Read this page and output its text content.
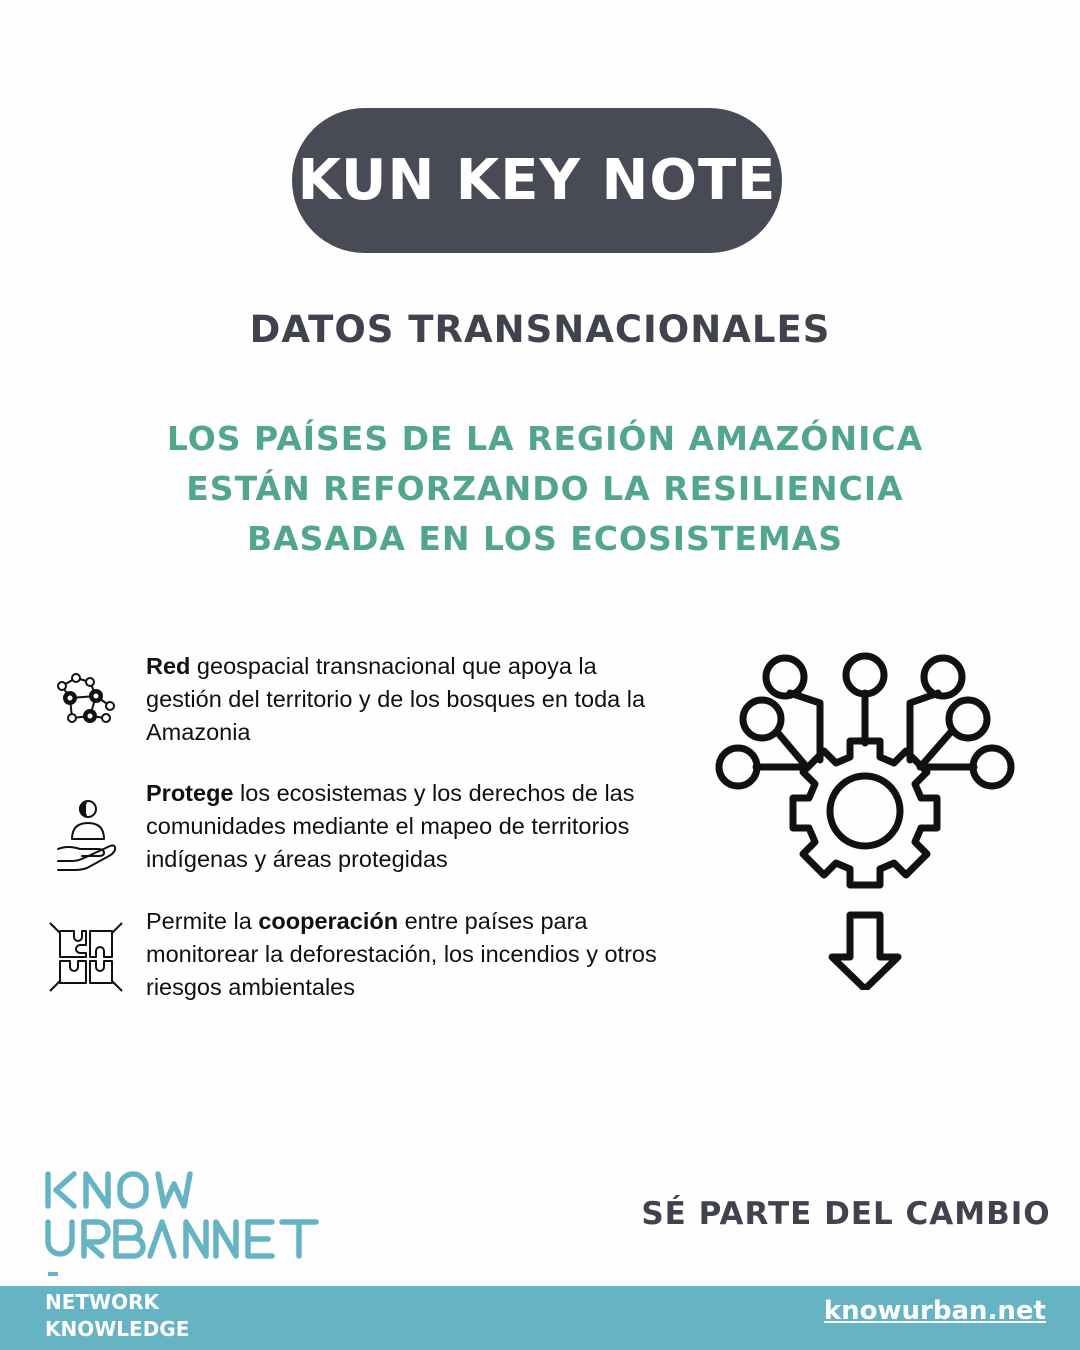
KUN KEY NOTE
DATOS TRANSNACIONALES
LOS PAÍSES DE LA REGIÓN AMAZÓNICA ESTÁN REFORZANDO LA RESILIENCIA BASADA EN LOS ECOSISTEMAS
Red geospacial transnacional que apoya la gestión del territorio y de los bosques en toda la Amazonia
Protege los ecosistemas y los derechos de las comunidades mediante el mapeo de territorios indígenas y áreas protegidas
Permite la cooperación entre países para monitorear la deforestación, los incendios y otros riesgos ambientales
SÉ PARTE DEL CAMBIO
NETWORK
KNOWLEDGE
knowurban.net
